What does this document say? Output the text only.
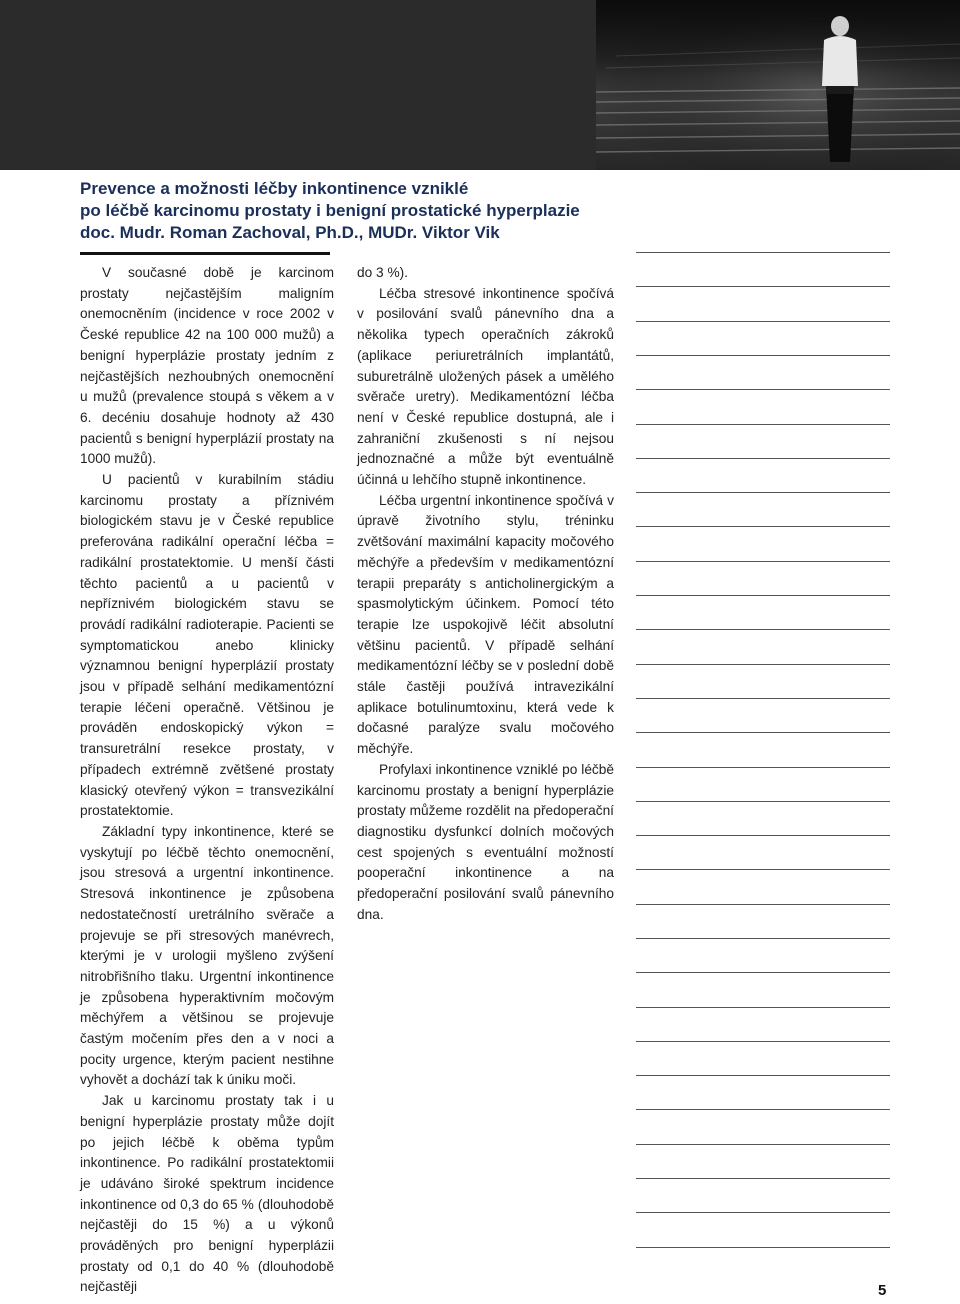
Prevence a možnosti léčby inkontinence vzniklé
po léčbě karcinomu prostaty i benigní prostatické hyperplazie
doc. Mudr. Roman Zachoval, Ph.D., MUDr. Viktor Vik

V současné době je karcinom prostaty nejčastějším maligním onemocněním (incidence v roce 2002 v České republice 42 na 100 000 mužů) a benigní hyperplázie prostaty jedním z nejčastějších nezhoubných onemocnění u mužů (prevalence stoupá s věkem a v 6. decéniu dosahuje hodnoty až 430 pacientů s benigní hyperplázií prostaty na 1000 mužů).

U pacientů v kurabilním stádiu karcinomu prostaty a příznivém biologickém stavu je v České republice preferována radikální operační léčba = radikální prostatektomie. U menší části těchto pacientů a u pacientů v nepříznivém biologickém stavu se provádí radikální radioterapie. Pacienti se symptomatickou anebo klinicky významnou benigní hyperplázií prostaty jsou v případě selhání medikamentózní terapie léčeni operačně. Většinou je prováděn endoskopický výkon = transuretrální resekce prostaty, v případech extrémně zvětšené prostaty klasický otevřený výkon = transvezikální prostatektomie.

Základní typy inkontinence, které se vyskytují po léčbě těchto onemocnění, jsou stresová a urgentní inkontinence. Stresová inkontinence je způsobena nedostatečností uretrálního svěrače a projevuje se při stresových manévrech, kterými je v urologii myšleno zvýšení nitrobřišního tlaku. Urgentní inkontinence je způsobena hyperaktivním močovým měchýřem a většinou se projevuje častým močením přes den a v noci a pocity urgence, kterým pacient nestihne vyhovět a dochází tak k úniku moči.

Jak u karcinomu prostaty tak i u benigní hyperplázie prostaty může dojít po jejich léčbě k oběma typům inkontinence. Po radikální prostatektomii je udáváno široké spektrum incidence inkontinence od 0,3 do 65 % (dlouhodobě nejčastěji do 15 %) a u výkonů prováděných pro benigní hyperplázii prostaty od 0,1 do 40 % (dlouhodobě nejčastěji

do 3 %).

Léčba stresové inkontinence spočívá v posilování svalů pánevního dna a několika typech operačních zákroků (aplikace periuretrálních implantátů, suburetrálně uložených pásek a umělého svěrače uretry). Medikamentózní léčba není v České republice dostupná, ale i zahraniční zkušenosti s ní nejsou jednoznačné a může být eventuálně účinná u lehčího stupně inkontinence.

Léčba urgentní inkontinence spočívá v úpravě životního stylu, tréninku zvětšování maximální kapacity močového měchýře a především v medikamentózní terapii preparáty s anticholinergickým a spasmolytickým účinkem. Pomocí této terapie lze uspokojivě léčit absolutní většinu pacientů. V případě selhání medikamentózní léčby se v poslední době stále častěji používá intravezikální aplikace botulinumtoxinu, která vede k dočasné paralýze svalu močového měchýře.

Profylaxi inkontinence vzniklé po léčbě karcinomu prostaty a benigní hyperplázie prostaty můžeme rozdělit na předoperační diagnostiku dysfunkcí dolních močových cest spojených s eventuální možností pooperační inkontinence a na předoperační posilování svalů pánevního dna.

5
